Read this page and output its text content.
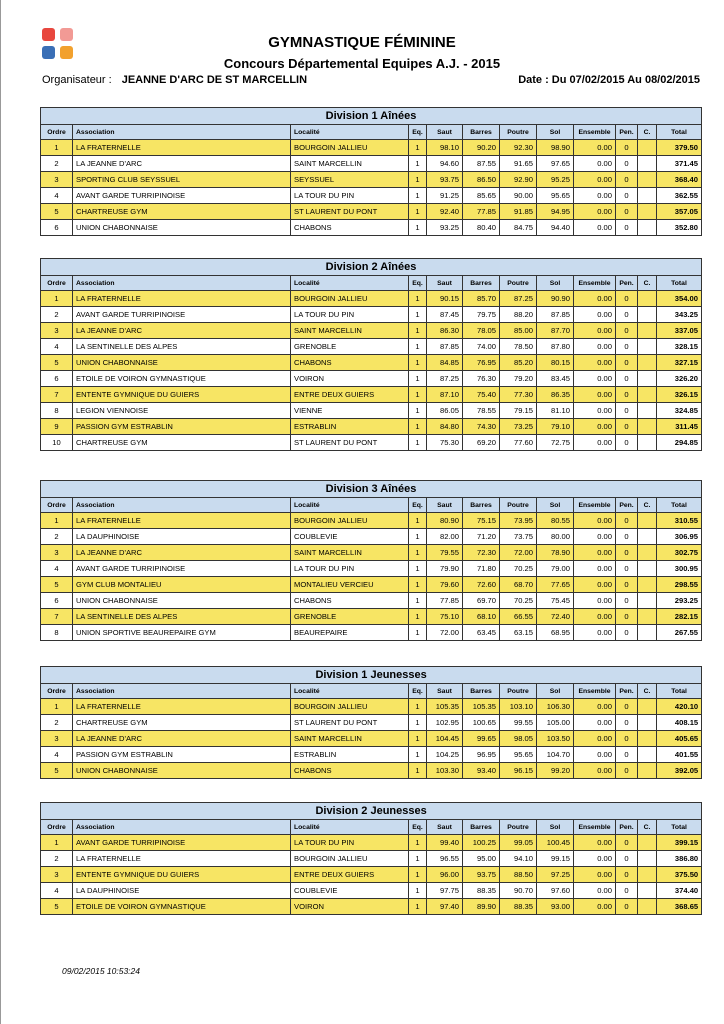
GYMNASTIQUE FÉMININE
Concours Départemental Equipes A.J. - 2015
Organisateur : JEANNE D'ARC DE ST MARCELLIN	Date : Du 07/02/2015 Au 08/02/2015
Division 1 Aînées											
Ordre	Association	Localité	Eq.	Saut	Barres	Poutre	Sol	Ensemble	Pen.	C.	Total
1	LA FRATERNELLE	BOURGOIN JALLIEU	1	98.10	90.20	92.30	98.90	0.00	0		379.50
2	LA JEANNE D'ARC	SAINT MARCELLIN	1	94.60	87.55	91.65	97.65	0.00	0		371.45
3	SPORTING CLUB SEYSSUEL	SEYSSUEL	1	93.75	86.50	92.90	95.25	0.00	0		368.40
4	AVANT GARDE TURRIPINOISE	LA TOUR DU PIN	1	91.25	85.65	90.00	95.65	0.00	0		362.55
5	CHARTREUSE GYM	ST LAURENT DU PONT	1	92.40	77.85	91.85	94.95	0.00	0		357.05
6	UNION CHABONNAISE	CHABONS	1	93.25	80.40	84.75	94.40	0.00	0		352.80
Division 2 Aînées											
Ordre	Association	Localité	Eq.	Saut	Barres	Poutre	Sol	Ensemble	Pen.	C.	Total
1	LA FRATERNELLE	BOURGOIN JALLIEU	1	90.15	85.70	87.25	90.90	0.00	0		354.00
2	AVANT GARDE TURRIPINOISE	LA TOUR DU PIN	1	87.45	79.75	88.20	87.85	0.00	0		343.25
3	LA JEANNE D'ARC	SAINT MARCELLIN	1	86.30	78.05	85.00	87.70	0.00	0		337.05
4	LA SENTINELLE DES ALPES	GRENOBLE	1	87.85	74.00	78.50	87.80	0.00	0		328.15
5	UNION CHABONNAISE	CHABONS	1	84.85	76.95	85.20	80.15	0.00	0		327.15
6	ETOILE DE VOIRON GYMNASTIQUE	VOIRON	1	87.25	76.30	79.20	83.45	0.00	0		326.20
7	ENTENTE GYMNIQUE DU GUIERS	ENTRE DEUX GUIERS	1	87.10	75.40	77.30	86.35	0.00	0		326.15
8	LEGION VIENNOISE	VIENNE	1	86.05	78.55	79.15	81.10	0.00	0		324.85
9	PASSION GYM ESTRABLIN	ESTRABLIN	1	84.80	74.30	73.25	79.10	0.00	0		311.45
10	CHARTREUSE GYM	ST LAURENT DU PONT	1	75.30	69.20	77.60	72.75	0.00	0		294.85
Division 3 Aînées											
Ordre	Association	Localité	Eq.	Saut	Barres	Poutre	Sol	Ensemble	Pen.	C.	Total
1	LA FRATERNELLE	BOURGOIN JALLIEU	1	80.90	75.15	73.95	80.55	0.00	0		310.55
2	LA DAUPHINOISE	COUBLEVIE	1	82.00	71.20	73.75	80.00	0.00	0		306.95
3	LA JEANNE D'ARC	SAINT MARCELLIN	1	79.55	72.30	72.00	78.90	0.00	0		302.75
4	AVANT GARDE TURRIPINOISE	LA TOUR DU PIN	1	79.90	71.80	70.25	79.00	0.00	0		300.95
5	GYM CLUB MONTALIEU	MONTALIEU VERCIEU	1	79.60	72.60	68.70	77.65	0.00	0		298.55
6	UNION CHABONNAISE	CHABONS	1	77.85	69.70	70.25	75.45	0.00	0		293.25
7	LA SENTINELLE DES ALPES	GRENOBLE	1	75.10	68.10	66.55	72.40	0.00	0		282.15
8	UNION SPORTIVE BEAUREPAIRE GYM	BEAUREPAIRE	1	72.00	63.45	63.15	68.95	0.00	0		267.55
Division 1 Jeunesses											
Ordre	Association	Localité	Eq.	Saut	Barres	Poutre	Sol	Ensemble	Pen.	C.	Total
1	LA FRATERNELLE	BOURGOIN JALLIEU	1	105.35	105.35	103.10	106.30	0.00	0		420.10
2	CHARTREUSE GYM	ST LAURENT DU PONT	1	102.95	100.65	99.55	105.00	0.00	0		408.15
3	LA JEANNE D'ARC	SAINT MARCELLIN	1	104.45	99.65	98.05	103.50	0.00	0		405.65
4	PASSION GYM ESTRABLIN	ESTRABLIN	1	104.25	96.95	95.65	104.70	0.00	0		401.55
5	UNION CHABONNAISE	CHABONS	1	103.30	93.40	96.15	99.20	0.00	0		392.05
Division 2 Jeunesses											
Ordre	Association	Localité	Eq.	Saut	Barres	Poutre	Sol	Ensemble	Pen.	C.	Total
1	AVANT GARDE TURRIPINOISE	LA TOUR DU PIN	1	99.40	100.25	99.05	100.45	0.00	0		399.15
2	LA FRATERNELLE	BOURGOIN JALLIEU	1	96.55	95.00	94.10	99.15	0.00	0		386.80
3	ENTENTE GYMNIQUE DU GUIERS	ENTRE DEUX GUIERS	1	96.00	93.75	88.50	97.25	0.00	0		375.50
4	LA DAUPHINOISE	COUBLEVIE	1	97.75	88.35	90.70	97.60	0.00	0		374.40
5	ETOILE DE VOIRON GYMNASTIQUE	VOIRON	1	97.40	89.90	88.35	93.00	0.00	0		368.65
09/02/2015 10:53:24
